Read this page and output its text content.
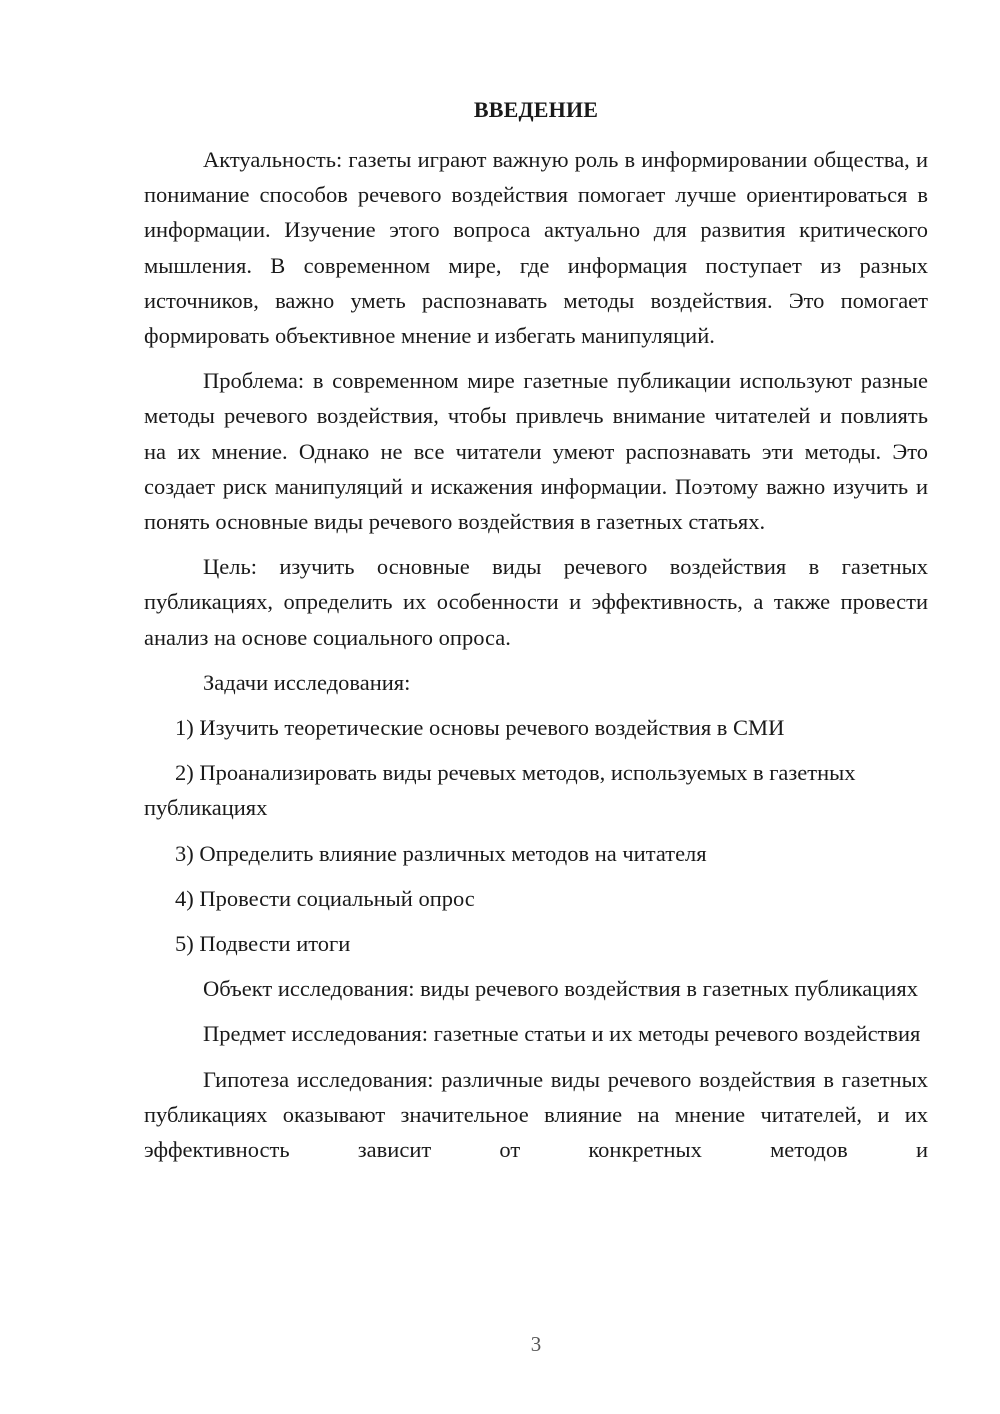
ВВЕДЕНИЕ

Актуальность: газеты играют важную роль в информировании общества, и понимание способов речевого воздействия помогает лучше ориентироваться в информации. Изучение этого вопроса актуально для развития критического мышления. В современном мире, где информация поступает из разных источников, важно уметь распознавать методы воздействия. Это помогает формировать объективное мнение и избегать манипуляций.

Проблема: в современном мире газетные публикации используют разные методы речевого воздействия, чтобы привлечь внимание читателей и повлиять на их мнение. Однако не все читатели умеют распознавать эти методы. Это создает риск манипуляций и искажения информации. Поэтому важно изучить и понять основные виды речевого воздействия в газетных статьях.

Цель: изучить основные виды речевого воздействия в газетных публикациях, определить их особенности и эффективность, а также провести анализ на основе социального опроса.

Задачи исследования:

1) Изучить теоретические основы речевого воздействия в СМИ

2) Проанализировать виды речевых методов, используемых в газетных публикациях

3) Определить влияние различных методов на читателя

4) Провести социальный опрос

5) Подвести итоги

Объект исследования: виды речевого воздействия в газетных публикациях

Предмет исследования: газетные статьи и их методы речевого воздействия

Гипотеза исследования: различные виды речевого воздействия в газетных публикациях оказывают значительное влияние на мнение читателей, и их эффективность зависит от конкретных методов и

3
